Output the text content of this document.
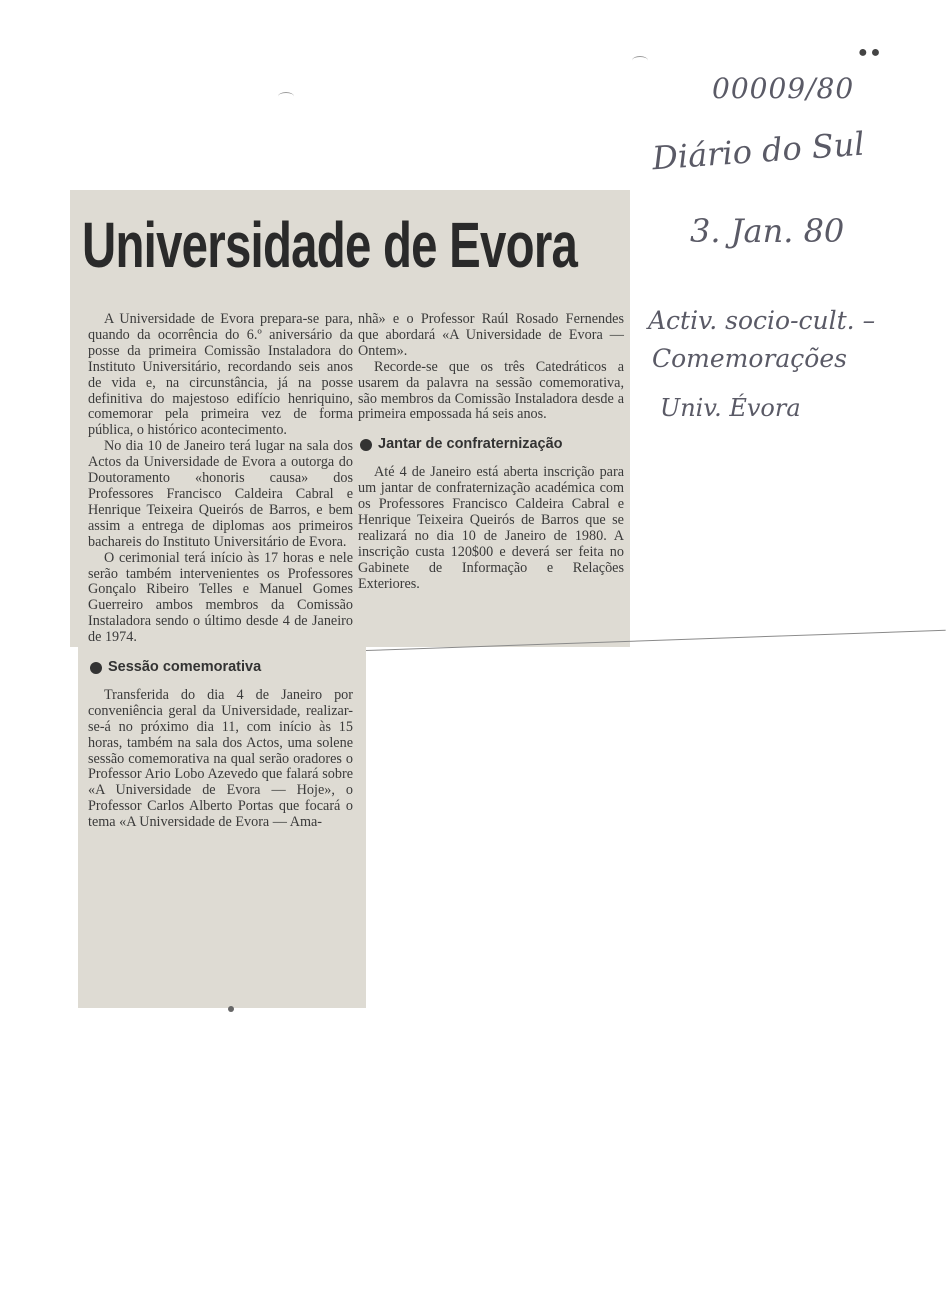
●●
00009/80
Diário do Sul
3. Jan. 80
Activ. socio-cult. –
Comemorações
Univ. Évora
Universidade de Evora

A Universidade de Evora prepara-se para, quando da ocorrência do 6.º aniversário da posse da primeira Comissão Instaladora do Instituto Universitário, recordando seis anos de vida e, na circunstância, já na posse definitiva do majestoso edifício henriquino, comemorar pela primeira vez de forma pública, o histórico acontecimento.

No dia 10 de Janeiro terá lugar na sala dos Actos da Universidade de Evora a outorga do Doutoramento «honoris causa» dos Professores Francisco Caldeira Cabral e Henrique Teixeira Queirós de Barros, e bem assim a entrega de diplomas aos primeiros bachareis do Instituto Universitário de Evora.

O cerimonial terá início às 17 horas e nele serão também intervenientes os Professores Gonçalo Ribeiro Telles e Manuel Gomes Guerreiro ambos membros da Comissão Instaladora sendo o último desde 4 de Janeiro de 1974.

Sessão comemorativa

Transferida do dia 4 de Janeiro por conveniência geral da Universidade, realizar-se-á no próximo dia 11, com início às 15 horas, também na sala dos Actos, uma solene sessão comemorativa na qual serão oradores o Professor Ario Lobo Azevedo que falará sobre «A Universidade de Evora — Hoje», o Professor Carlos Alberto Portas que focará o tema «A Universidade de Evora — Ama-

nhã» e o Professor Raúl Rosado Fernendes que abordará «A Universidade de Evora — Ontem».

Recorde-se que os três Catedráticos a usarem da palavra na sessão comemorativa, são membros da Comissão Instaladora desde a primeira empossada há seis anos.

Jantar de confraternização

Até 4 de Janeiro está aberta inscrição para um jantar de confraternização académica com os Professores Francisco Caldeira Cabral e Henrique Teixeira Queirós de Barros que se realizará no dia 10 de Janeiro de 1980. A inscrição custa 120$00 e deverá ser feita no Gabinete de Informação e Relações Exteriores.
